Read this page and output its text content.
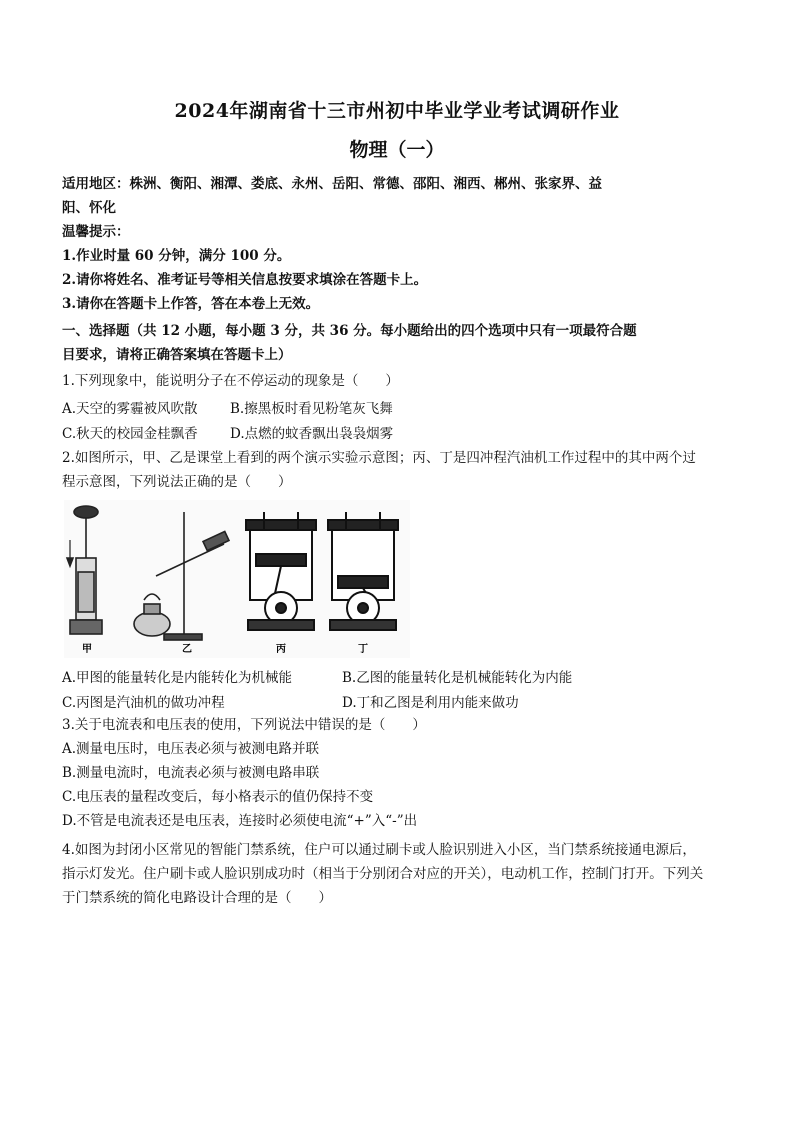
2024年湖南省十三市州初中毕业学业考试调研作业
物理（一）
适用地区：株洲、衡阳、湘潭、娄底、永州、岳阳、常德、邵阳、湘西、郴州、张家界、益
阳、怀化
温馨提示：
1.作业时量 60 分钟，满分 100 分。
2.请你将姓名、准考证号等相关信息按要求填涂在答题卡上。
3.请你在答题卡上作答，答在本卷上无效。
一、选择题（共 12 小题，每小题 3 分，共 36 分。每小题给出的四个选项中只有一项最符合题
目要求，请将正确答案填在答题卡上）
1.下列现象中，能说明分子在不停运动的现象是（　　）
A.天空的雾霾被风吹散 B.擦黑板时看见粉笔灰飞舞
C.秋天的校园金桂飘香 D.点燃的蚊香飘出袅袅烟雾
2.如图所示，甲、乙是课堂上看到的两个演示实验示意图；丙、丁是四冲程汽油机工作过程中的其中两个过
程示意图，下列说法正确的是（　　）
甲	乙	丙	丁
A.甲图的能量转化是内能转化为机械能	B.乙图的能量转化是机械能转化为内能
C.丙图是汽油机的做功冲程	D.丁和乙图是利用内能来做功
3.关于电流表和电压表的使用，下列说法中错误的是（　　）
A.测量电压时，电压表必须与被测电路并联
B.测量电流时，电流表必须与被测电路串联
C.电压表的量程改变后，每小格表示的值仍保持不变
D.不管是电流表还是电压表，连接时必须使电流“+”入“-”出
4.如图为封闭小区常见的智能门禁系统，住户可以通过刷卡或人脸识别进入小区，当门禁系统接通电源后，
指示灯发光。住户刷卡或人脸识别成功时（相当于分别闭合对应的开关），电动机工作，控制门打开。下列关
于门禁系统的简化电路设计合理的是（　　）
